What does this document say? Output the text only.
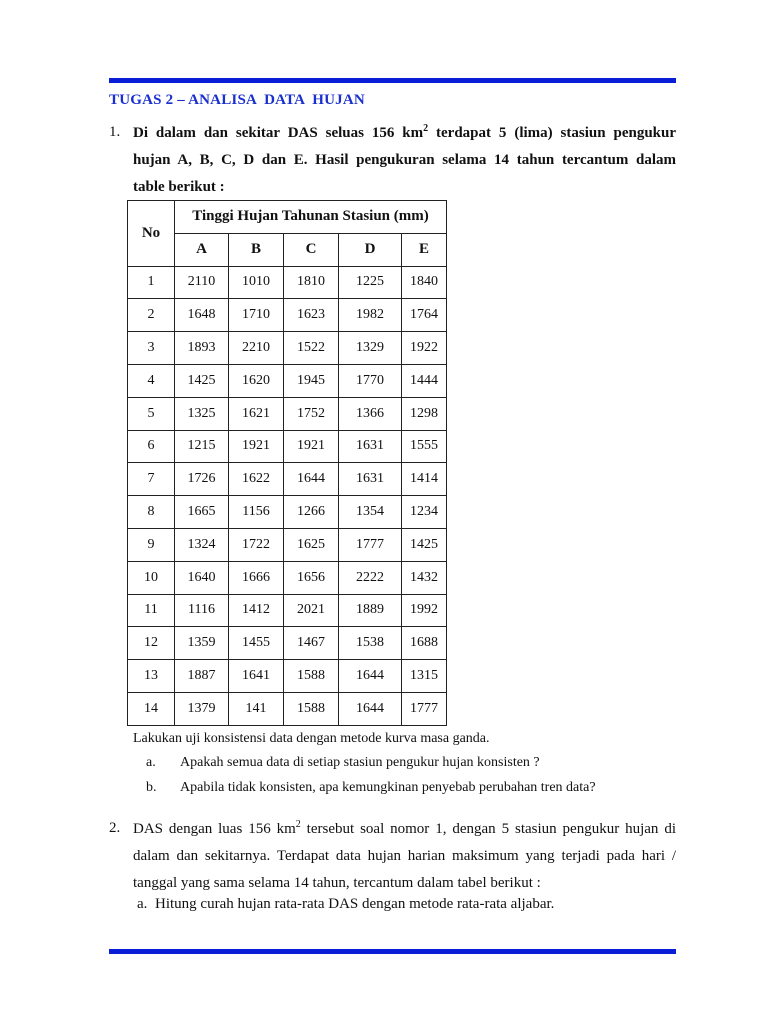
TUGAS 2 – ANALISA  DATA  HUJAN
1. Di dalam dan sekitar DAS seluas 156 $km^2$ terdapat 5 (lima) stasiun pengukur
hujan A, B, C, D dan E. Hasil pengukuran selama 14 tahun tercantum dalam
table berikut :
No	Tinggi Hujan Tahunan Stasiun (mm)				
	A	B	C	D	E
1	2110	1010	1810	1225	1840
2	1648	1710	1623	1982	1764
3	1893	2210	1522	1329	1922
4	1425	1620	1945	1770	1444
5	1325	1621	1752	1366	1298
6	1215	1921	1921	1631	1555
7	1726	1622	1644	1631	1414
8	1665	1156	1266	1354	1234
9	1324	1722	1625	1777	1425
10	1640	1666	1656	2222	1432
11	1116	1412	2021	1889	1992
12	1359	1455	1467	1538	1688
13	1887	1641	1588	1644	1315
14	1379	141	1588	1644	1777
Lakukan uji konsistensi data dengan metode kurva masa ganda.
a. Apakah semua data di setiap stasiun pengukur hujan konsisten ?
b. Apabila tidak konsisten, apa kemungkinan penyebab perubahan tren data?
2. DAS dengan luas 156 $km^2$ tersebut soal nomor 1, dengan 5 stasiun pengukur hujan di
dalam dan sekitarnya. Terdapat data hujan harian maksimum yang terjadi pada hari /
tanggal yang sama selama 14 tahun, tercantum dalam tabel berikut :
a. Hitung curah hujan rata-rata DAS dengan metode rata-rata aljabar.
